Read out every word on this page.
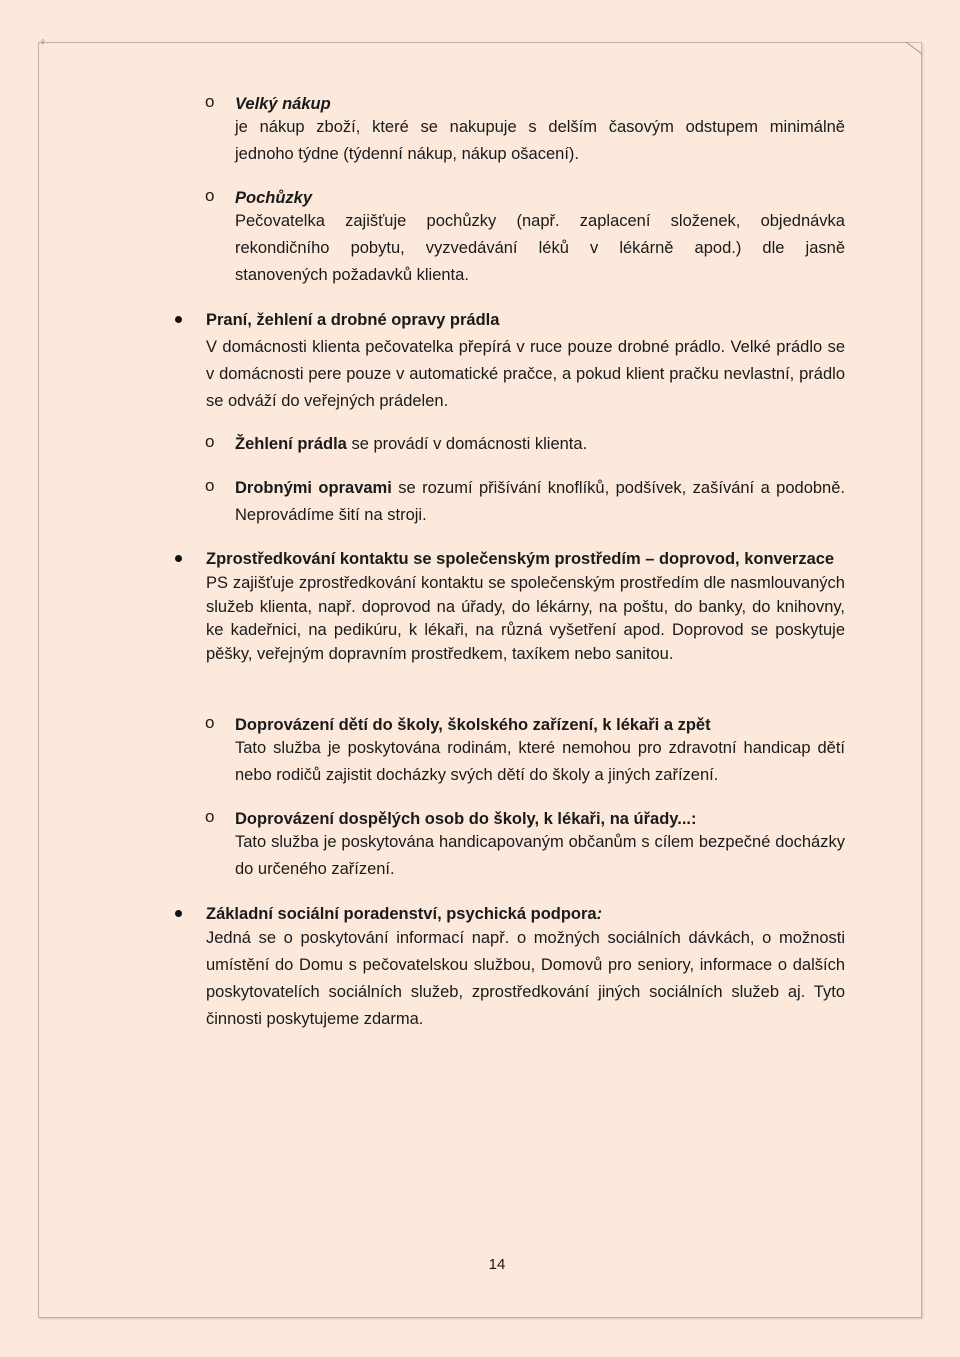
♀
o Velký nákup
je nákup zboží, které se nakupuje s delším časovým odstupem minimálně
jednoho týdne (týdenní nákup, nákup ošacení).
o Pochůzky
Pečovatelka zajišťuje pochůzky (např. zaplacení složenek, objednávka
rekondičního pobytu, vyzvedávání léků v lékárně apod.) dle jasně
stanovených požadavků klienta.
Praní, žehlení a drobné opravy prádla
V domácnosti klienta pečovatelka přepírá v ruce pouze drobné prádlo. Velké prádlo se v domácnosti pere pouze v automatické pračce, a pokud klient pračku nevlastní, prádlo se odváží do veřejných prádelen.
o Žehlení prádla se provádí v domácnosti klienta.
o Drobnými opravami se rozumí přišívání knoflíků, podšívek, zašívání a podobně. Neprovádíme šití na stroji.
Zprostředkování kontaktu se společenským prostředím – doprovod, konverzace
PS zajišťuje zprostředkování kontaktu se společenským prostředím dle nasmlouvaných služeb klienta, např. doprovod na úřady, do lékárny, na poštu, do banky, do knihovny, ke kadeřnici, na pedikúru, k lékaři, na různá vyšetření apod. Doprovod se poskytuje pěšky, veřejným dopravním prostředkem, taxíkem nebo sanitou.
o Doprovázení dětí do školy, školského zařízení, k lékaři a zpět
Tato služba je poskytována rodinám, které nemohou pro zdravotní handicap dětí nebo rodičů zajistit docházky svých dětí do školy a jiných zařízení.
o Doprovázení dospělých osob do školy, k lékaři, na úřady...:
Tato služba je poskytována handicapovaným občanům s cílem bezpečné docházky do určeného zařízení.
Základní sociální poradenství, psychická podpora:
Jedná se o poskytování informací např. o možných sociálních dávkách, o možnosti umístění do Domu s pečovatelskou službou, Domovů pro seniory, informace o dalších poskytovatelích sociálních služeb, zprostředkování jiných sociálních služeb aj. Tyto činnosti poskytujeme zdarma.
14
